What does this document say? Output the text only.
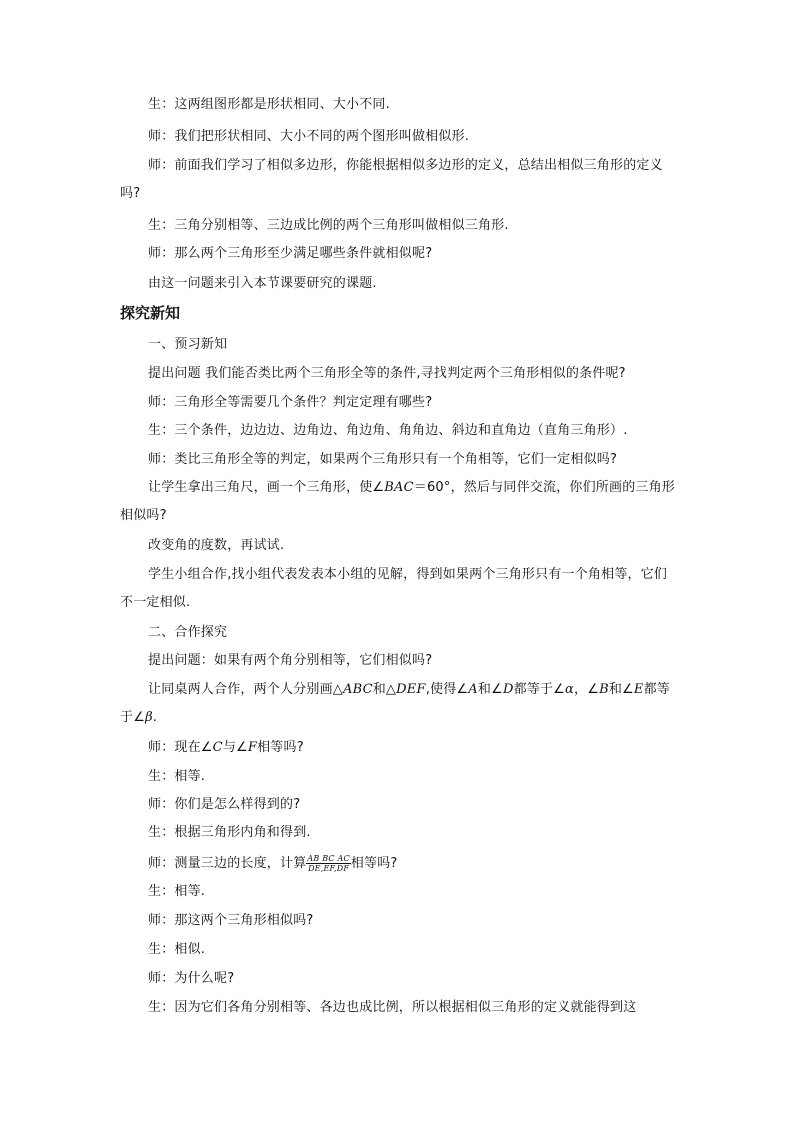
生：这两组图形都是形状相同、大小不同.
师：我们把形状相同、大小不同的两个图形叫做相似形.
师：前面我们学习了相似多边形，你能根据相似多边形的定义，总结出相似三角形的定义吗?
生：三角分别相等、三边成比例的两个三角形叫做相似三角形.
师：那么两个三角形至少满足哪些条件就相似呢?
由这一问题来引入本节课要研究的课题.
探究新知
一、预习新知
提出问题 我们能否类比两个三角形全等的条件,寻找判定两个三角形相似的条件呢?
师：三角形全等需要几个条件？判定定理有哪些?
生：三个条件，边边边、边角边、角边角、角角边、斜边和直角边（直角三角形）.
师：类比三角形全等的判定，如果两个三角形只有一个角相等，它们一定相似吗?
让学生拿出三角尺，画一个三角形，使∠BAC＝60°，然后与同伴交流，你们所画的三角形相似吗?
改变角的度数，再试试.
学生小组合作,找小组代表发表本小组的见解，得到如果两个三角形只有一个角相等，它们不一定相似.
二、合作探究
提出问题：如果有两个角分别相等，它们相似吗?
让同桌两人合作，两个人分别画△ABC和△DEF,使得∠A和∠D都等于∠α，∠B和∠E都等于∠β.
师：现在∠C与∠F相等吗?
生：相等.
师：你们是怎么样得到的?
生：根据三角形内角和得到.
师：测量三边的长度，计算 $\frac{\text{AB BC AC}}{DE,EF,DF}$ 相等吗?
生：相等.
师：那这两个三角形相似吗?
生：相似.
师：为什么呢?
生：因为它们各角分别相等、各边也成比例，所以根据相似三角形的定义就能得到这
